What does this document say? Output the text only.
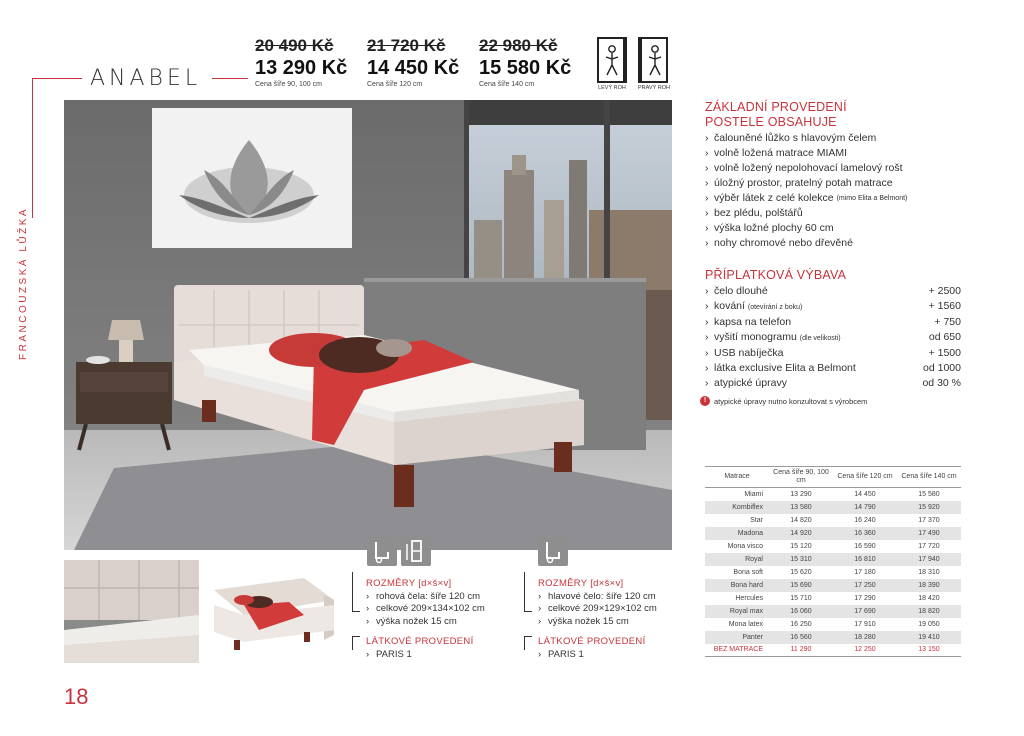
ANABEL
FRANCOUZSKÁ LŮŽKA
18
20 490 Kč
13 290 Kč
Cena šíře 90, 100 cm
21 720 Kč
14 450 Kč
Cena šíře 120 cm
22 980 Kč
15 580 Kč
Cena šíře 140 cm	LEVÝ ROH PRAVÝ ROH
ROZMĚRY [d×š×v]
› rohová čela: šíře 120 cm
› celkové 209×134×102 cm
› výška nožek 15 cm
LÁTKOVÉ PROVEDENÍ
› PARIS 1
ROZMĚRY [d×š×v]
› hlavové čelo: šíře 120 cm
› celkové 209×129×102 cm
› výška nožek 15 cm
LÁTKOVÉ PROVEDENÍ
› PARIS 1
ZÁKLADNÍ PROVEDENÍ
POSTELE OBSAHUJE
› čalouněné lůžko s hlavovým čelem
› volně ložená matrace MIAMI
› volně ložený nepolohovací lamelový rošt
› úložný prostor, pratelný potah matrace
› výběr látek z celé kolekce
(mimo Elita a Belmont)
› bez plédu, polštářů
› výška ložné plochy 60 cm
› nohy chromové nebo dřevěné
PŘÍPLATKOVÁ VÝBAVA
› čelo dlouhé	+ 2500
› kování (otevírání z boku)	+ 1560
› kapsa na telefon	+ 750
› vyšití monogramu (dle velikosti)	od 650
› USB nabíječka	+ 1500
› látka exclusive Elita a Belmont	od 1000
› atypické úpravy	od 30 %
!	atypické úpravy nutno konzultovat s výrobcem
Matrace	Cena šíře 90, 100 cm	Cena šíře 120 cm	Cena šíře 140 cm
Miami	13 290	14 450	15 580
Kombiflex	13 580	14 790	15 920
Star	14 820	16 240	17 370
Madona	14 920	16 360	17 490
Mona visco	15 120	16 590	17 720
Royal	15 310	16 810	17 940
Bona soft	15 620	17 180	18 310
Bona hard	15 690	17 250	18 390
Hercules	15 710	17 290	18 420
Royal max	16 060	17 690	18 820
Mona latex	16 250	17 910	19 050
Panter	16 560	18 280	19 410
BEZ MATRACE	11 290	12 250	13 150
